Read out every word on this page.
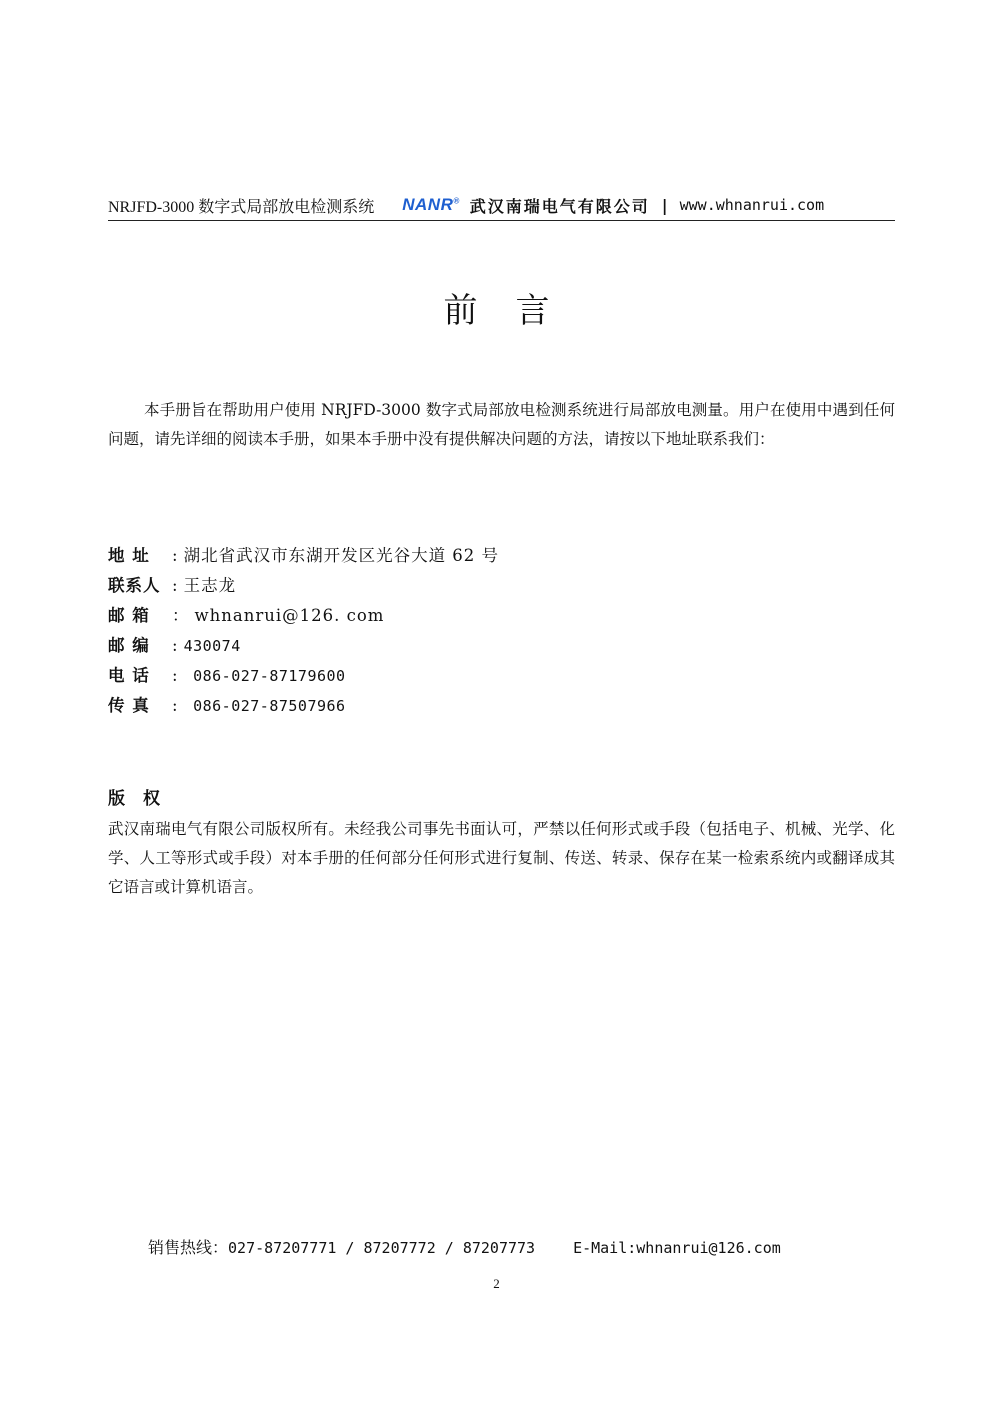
NRJFD-3000 数字式局部放电检测系统 NANR® 武汉南瑞电气有限公司 | www.whnanrui.com
前言

本手册旨在帮助用户使用 NRJFD-3000 数字式局部放电检测系统进行局部放电测量。用户在使用中遇到任何问题，请先详细的阅读本手册，如果本手册中没有提供解决问题的方法，请按以下地址联系我们：

地 址	: 湖北省武汉市东湖开发区光谷大道 62 号
联系人 : 王志龙
邮 箱	： whnanrui@126. com
邮 编	: 430074
电 话	: 086-027-87179600
传 真	: 086-027-87507966
版权

武汉南瑞电气有限公司版权所有。未经我公司事先书面认可，严禁以任何形式或手段（包括电子、机械、光学、化学、人工等形式或手段）对本手册的任何部分任何形式进行复制、传送、转录、保存在某一检索系统内或翻译成其它语言或计算机语言。

销售热线：027-87207771 / 87207772 / 87207773	E-Mail:whnanrui@126.com
2
